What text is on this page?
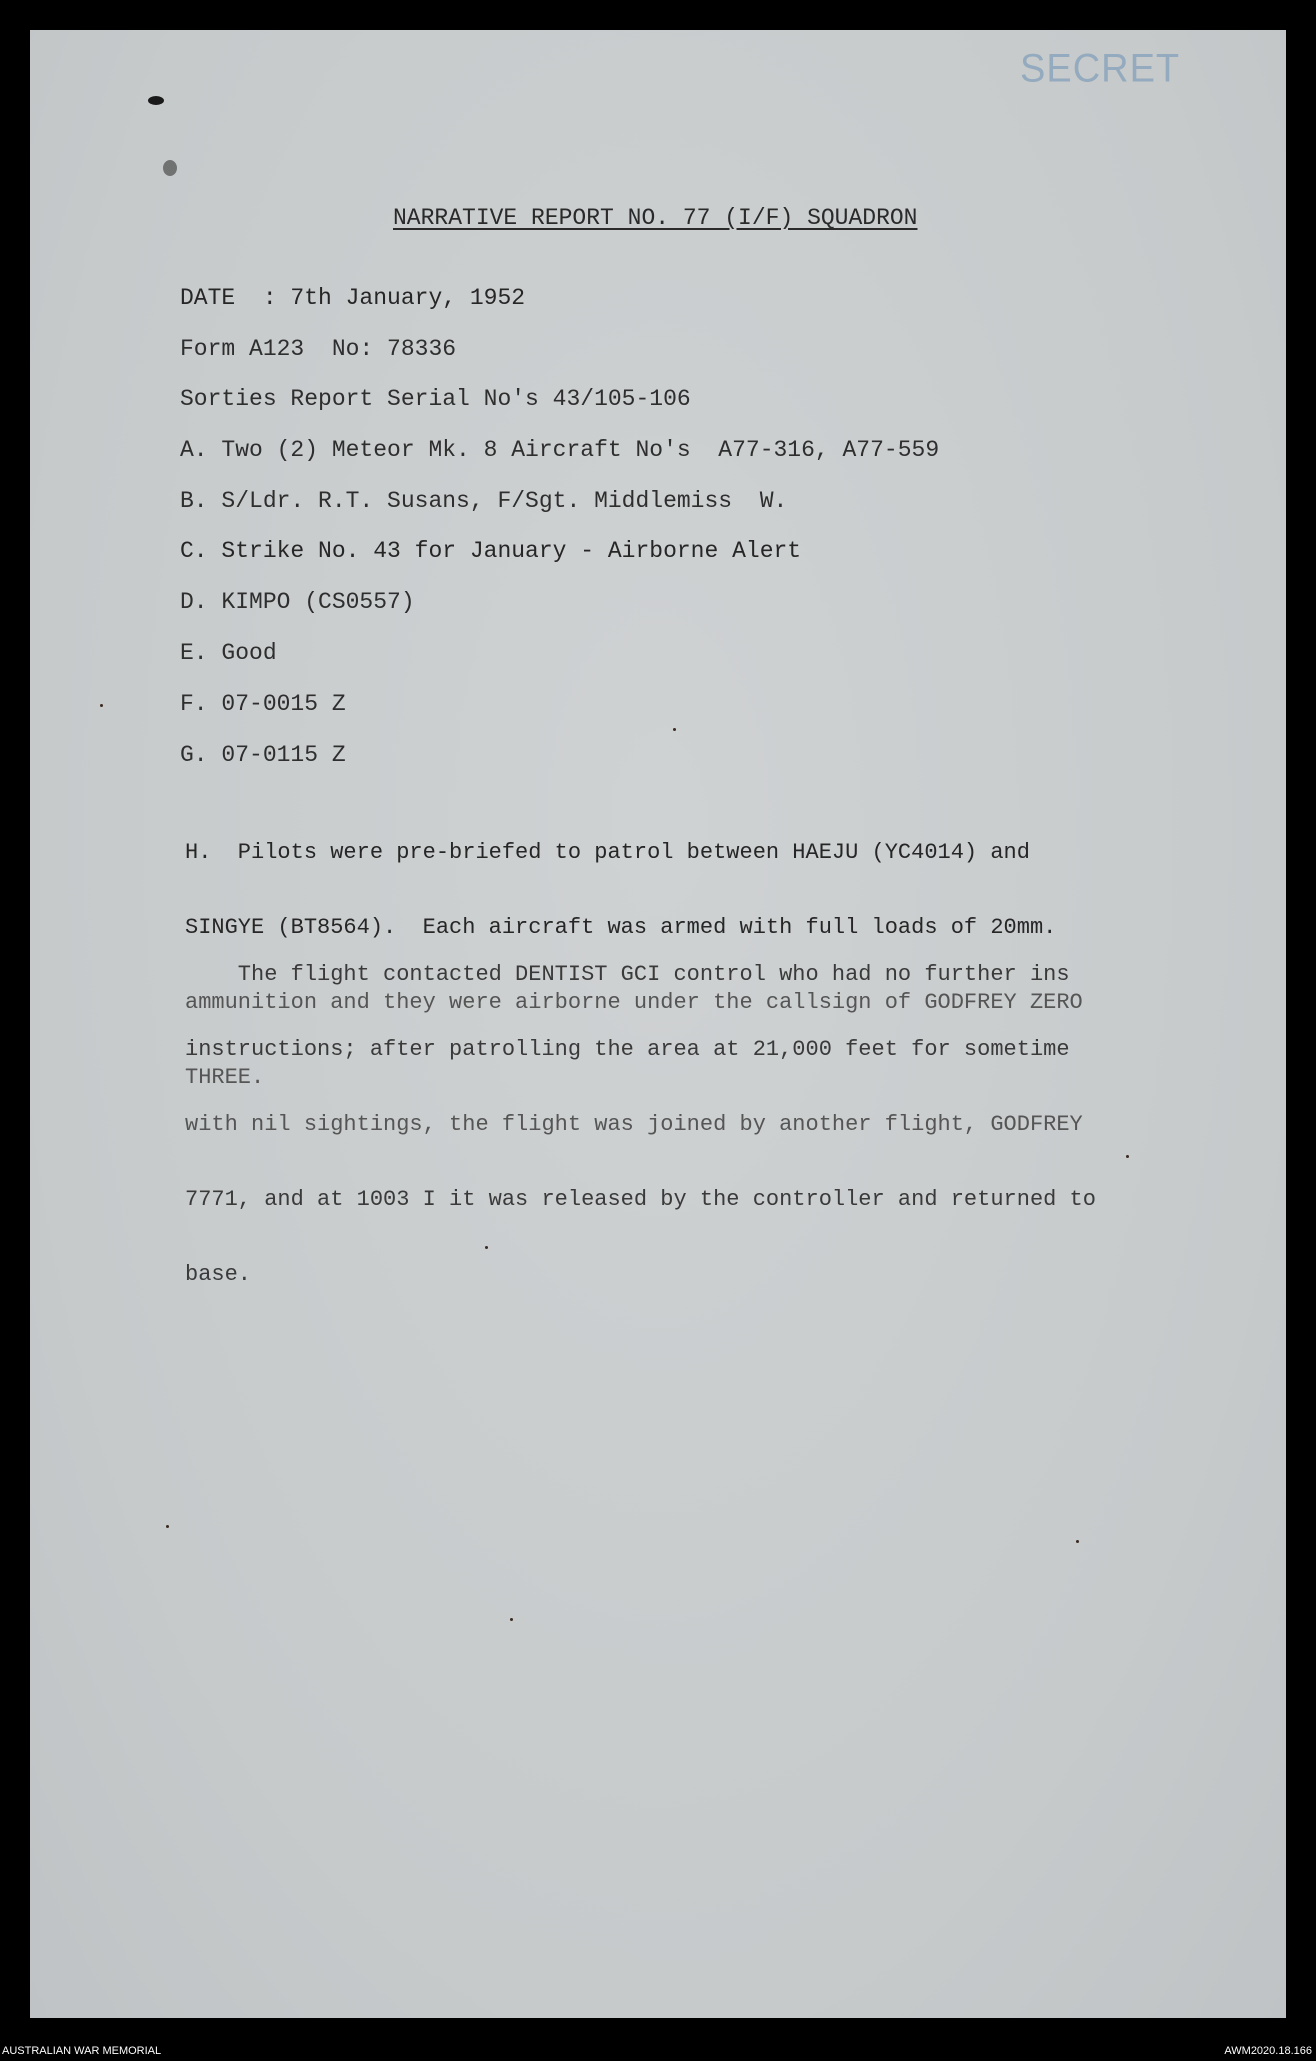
SECRET
NARRATIVE REPORT NO. 77 (I/F) SQUADRON
DATE  : 7th January, 1952
Form A123  No: 78336
Sorties Report Serial No's 43/105-106
A. Two (2) Meteor Mk. 8 Aircraft No's  A77-316, A77-559
B. S/Ldr. R.T. Susans, F/Sgt. Middlemiss  W.
C. Strike No. 43 for January - Airborne Alert
D. KIMPO (CS0557)
E. Good
F. 07-0015 Z
G. 07-0115 Z

H.  Pilots were pre-briefed to patrol between HAEJU (YC4014) and

SINGYE (BT8564).  Each aircraft was armed with full loads of 20mm.

ammunition and they were airborne under the callsign of GODFREY ZERO

THREE.

The flight contacted DENTIST GCI control who had no further ins

instructions; after patrolling the area at 21,000 feet for sometime

with nil sightings, the flight was joined by another flight, GODFREY

7771, and at 1003 I it was released by the controller and returned to

base.

AUSTRALIAN WAR MEMORIAL	AWM2020.18.166
